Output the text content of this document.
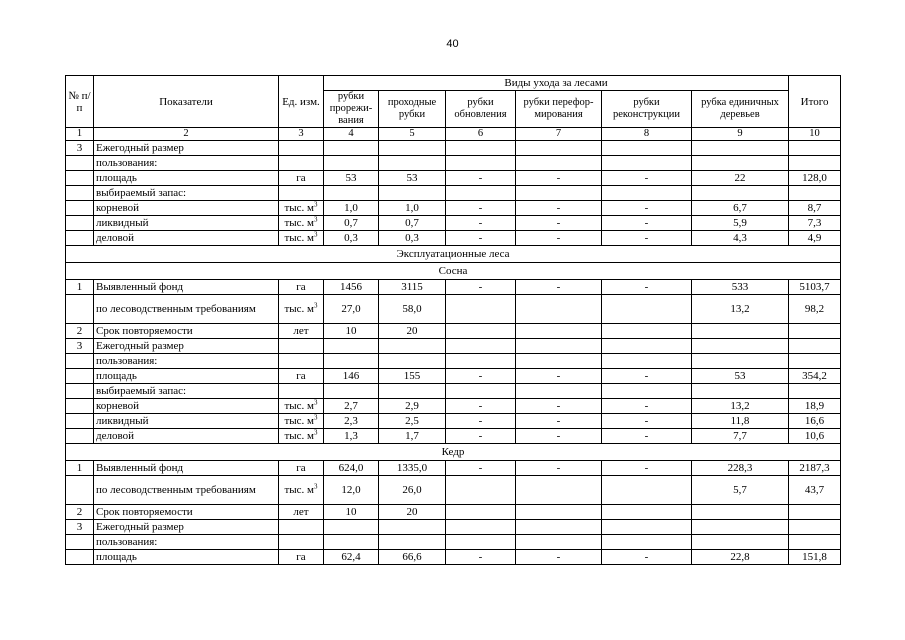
40
№ п/п	Показатели	Ед. изм.	Виды ухода за лесами						Итого
			рубки прорежи-вания	проходные рубки	рубки обновления	рубки перефор-мирования	рубки реконструкции	рубка единичных деревьев	
1	2	3	4	5	6	7	8	9	10
3	Ежегодный размер								
	пользования:								
	площадь	га	53	53	-	-	-	22	128,0
	выбираемый запас:								
	корневой	тыс. $м^3$	1,0	1,0	-	-	-	6,7	8,7
	ликвидный	тыс. $м^3$	0,7	0,7	-	-	-	5,9	7,3
	деловой	тыс. $м^3$	0,3	0,3	-	-	-	4,3	4,9
Эксплуатационные леса									
Сосна									
1	Выявленный фонд	га	1456	3115	-	-	-	533	5103,7
	по лесоводственным требованиям	тыс. $м^3$	27,0	58,0				13,2	98,2
2	Срок повторяемости	лет	10	20					
3	Ежегодный размер								
	пользования:								
	площадь	га	146	155	-	-	-	53	354,2
	выбираемый запас:								
	корневой	тыс. $м^3$	2,7	2,9	-	-	-	13,2	18,9
	ликвидный	тыс. $м^3$	2,3	2,5	-	-	-	11,8	16,6
	деловой	тыс. $м^3$	1,3	1,7	-	-	-	7,7	10,6
Кедр									
1	Выявленный фонд	га	624,0	1335,0	-	-	-	228,3	2187,3
	по лесоводственным требованиям	тыс. $м^3$	12,0	26,0				5,7	43,7
2	Срок повторяемости	лет	10	20					
3	Ежегодный размер								
	пользования:								
	площадь	га	62,4	66,6	-	-	-	22,8	151,8
